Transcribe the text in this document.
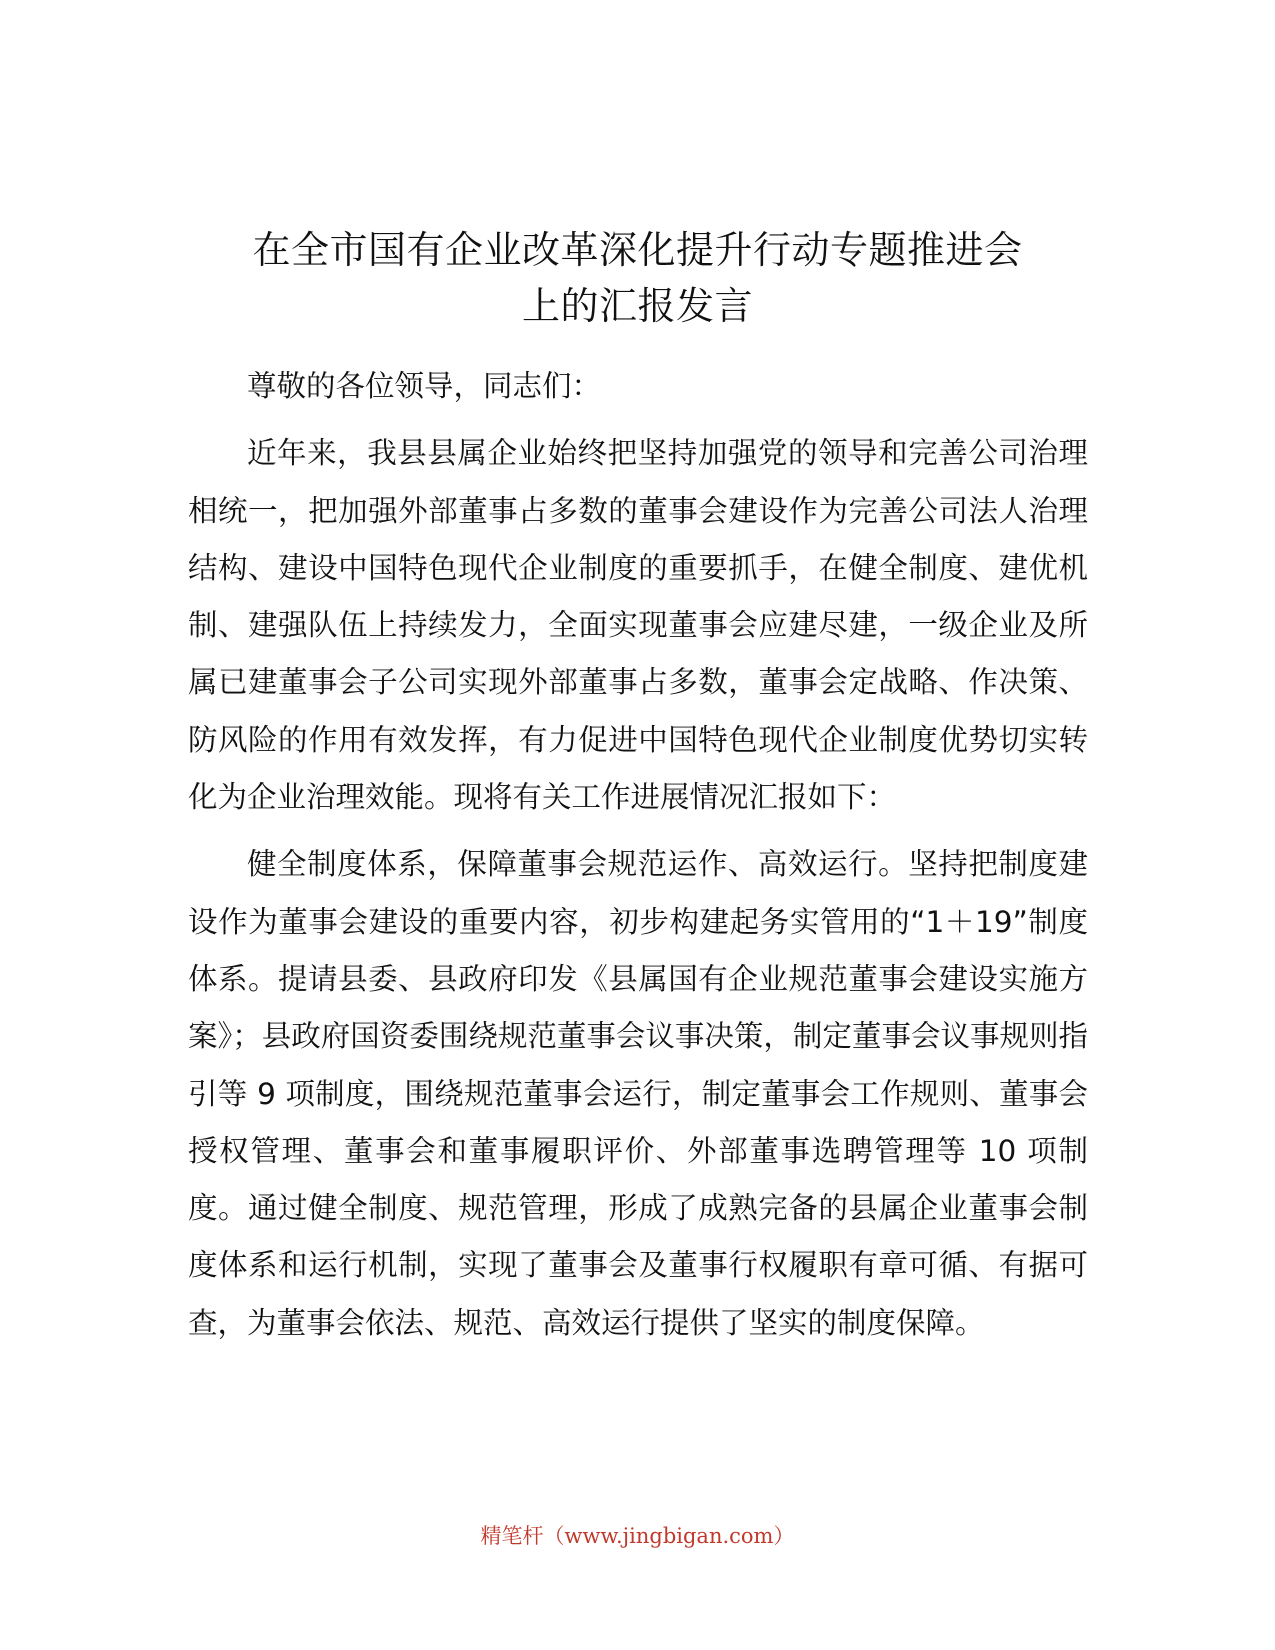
在全市国有企业改革深化提升行动专题推进会
上的汇报发言

尊敬的各位领导，同志们：

近年来，我县县属企业始终把坚持加强党的领导和完善公司治理相统一，把加强外部董事占多数的董事会建设作为完善公司法人治理结构、建设中国特色现代企业制度的重要抓手，在健全制度、建优机制、建强队伍上持续发力，全面实现董事会应建尽建，一级企业及所属已建董事会子公司实现外部董事占多数，董事会定战略、作决策、防风险的作用有效发挥，有力促进中国特色现代企业制度优势切实转化为企业治理效能。现将有关工作进展情况汇报如下：

健全制度体系，保障董事会规范运作、高效运行。坚持把制度建设作为董事会建设的重要内容，初步构建起务实管用的“1＋19”制度体系。提请县委、县政府印发《县属国有企业规范董事会建设实施方案》；县政府国资委围绕规范董事会议事决策，制定董事会议事规则指引等 9 项制度，围绕规范董事会运行，制定董事会工作规则、董事会授权管理、董事会和董事履职评价、外部董事选聘管理等 10 项制度。通过健全制度、规范管理，形成了成熟完备的县属企业董事会制度体系和运行机制，实现了董事会及董事行权履职有章可循、有据可查，为董事会依法、规范、高效运行提供了坚实的制度保障。

精笔杆（www.jingbigan.com）
